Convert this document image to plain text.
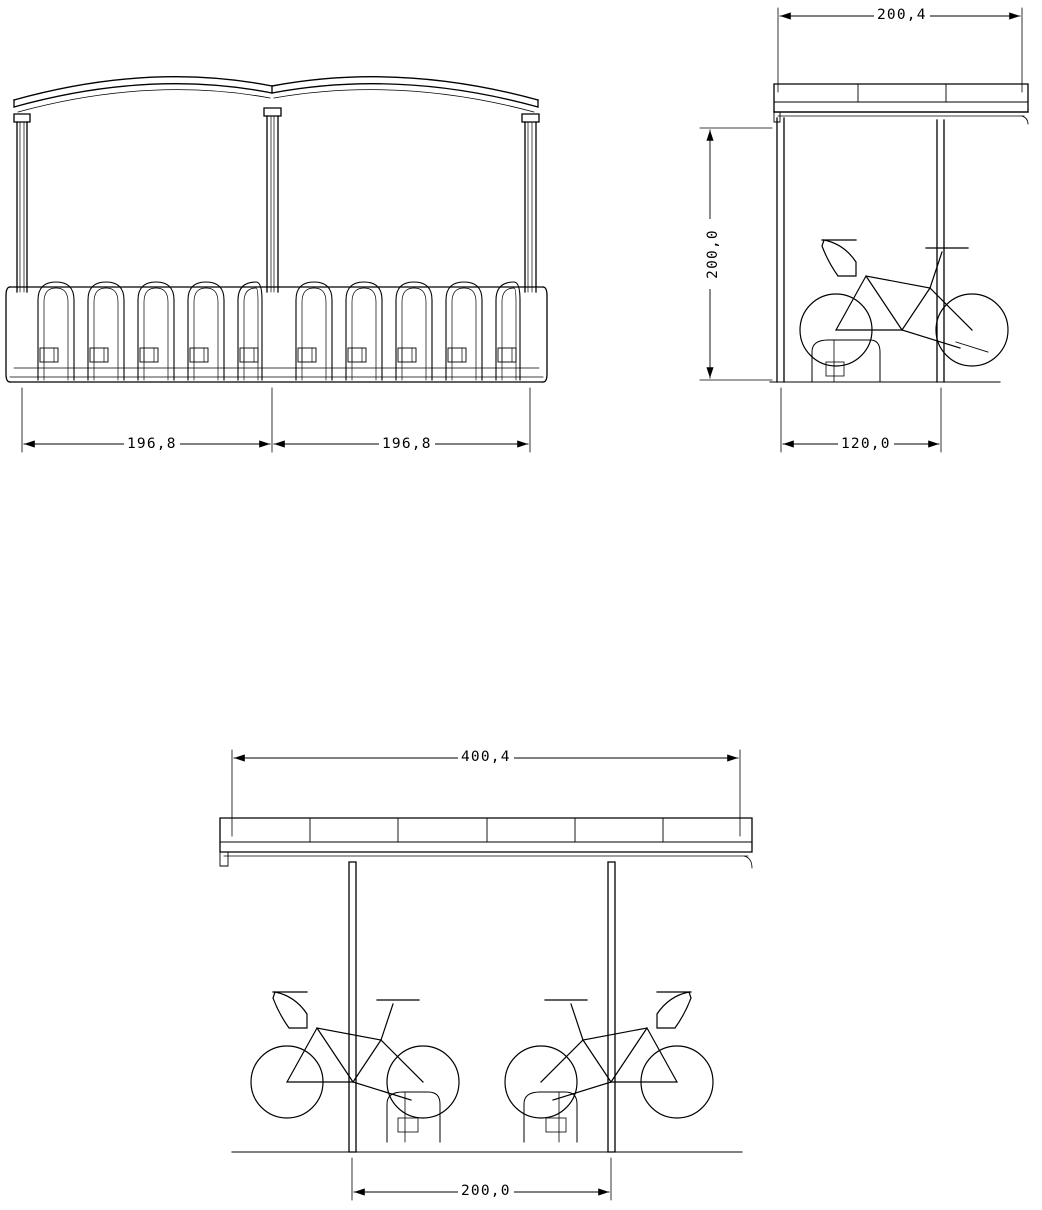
196,8	196,8
200,4
200,0
120,0
400,4
200,0
